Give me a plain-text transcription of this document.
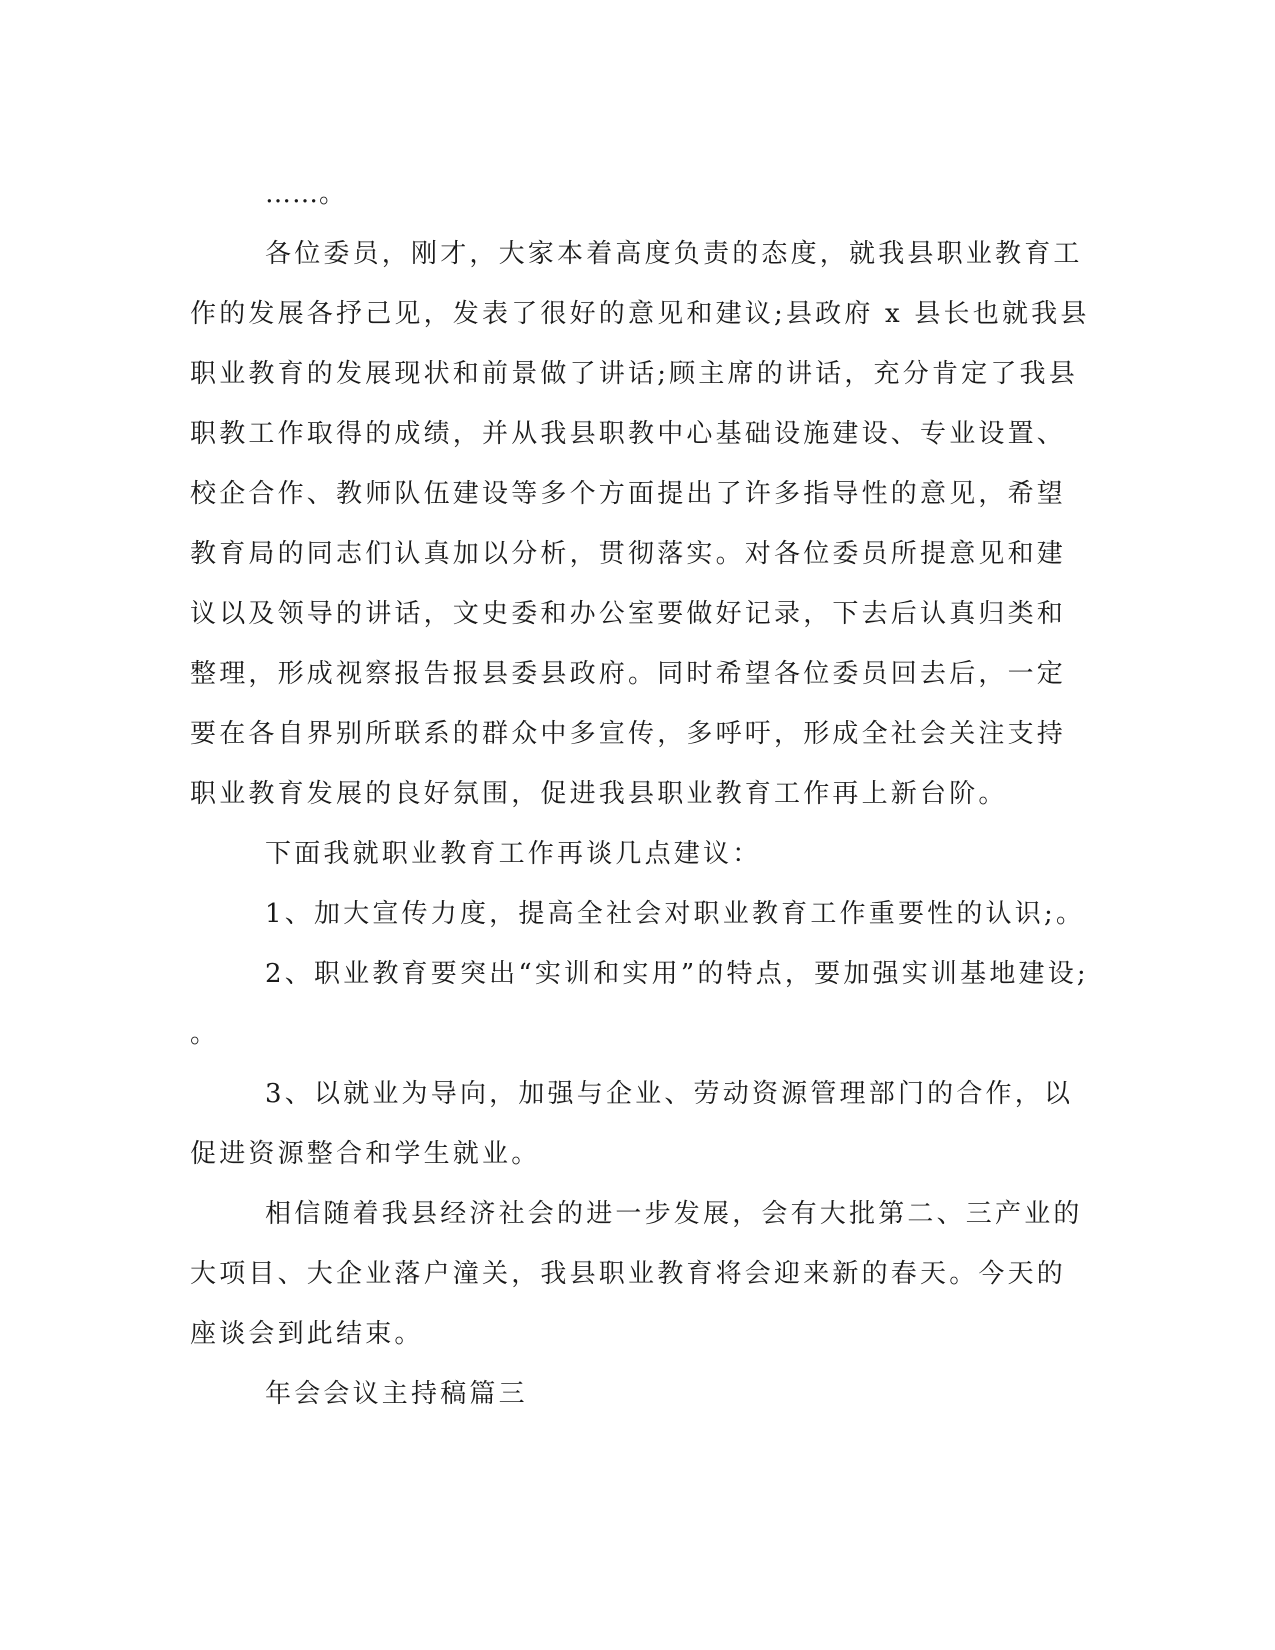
……。
各位委员，刚才，大家本着高度负责的态度，就我县职业教育工
作的发展各抒己见，发表了很好的意见和建议;县政府 x 县长也就我县
职业教育的发展现状和前景做了讲话;顾主席的讲话，充分肯定了我县
职教工作取得的成绩，并从我县职教中心基础设施建设、专业设置、
校企合作、教师队伍建设等多个方面提出了许多指导性的意见，希望
教育局的同志们认真加以分析，贯彻落实。对各位委员所提意见和建
议以及领导的讲话，文史委和办公室要做好记录，下去后认真归类和
整理，形成视察报告报县委县政府。同时希望各位委员回去后，一定
要在各自界别所联系的群众中多宣传，多呼吁，形成全社会关注支持
职业教育发展的良好氛围，促进我县职业教育工作再上新台阶。
下面我就职业教育工作再谈几点建议：
1、加大宣传力度，提高全社会对职业教育工作重要性的认识;。
2、职业教育要突出“实训和实用”的特点，要加强实训基地建设;
。
3、以就业为导向，加强与企业、劳动资源管理部门的合作，以
促进资源整合和学生就业。
相信随着我县经济社会的进一步发展，会有大批第二、三产业的
大项目、大企业落户潼关，我县职业教育将会迎来新的春天。今天的
座谈会到此结束。
年会会议主持稿篇三
